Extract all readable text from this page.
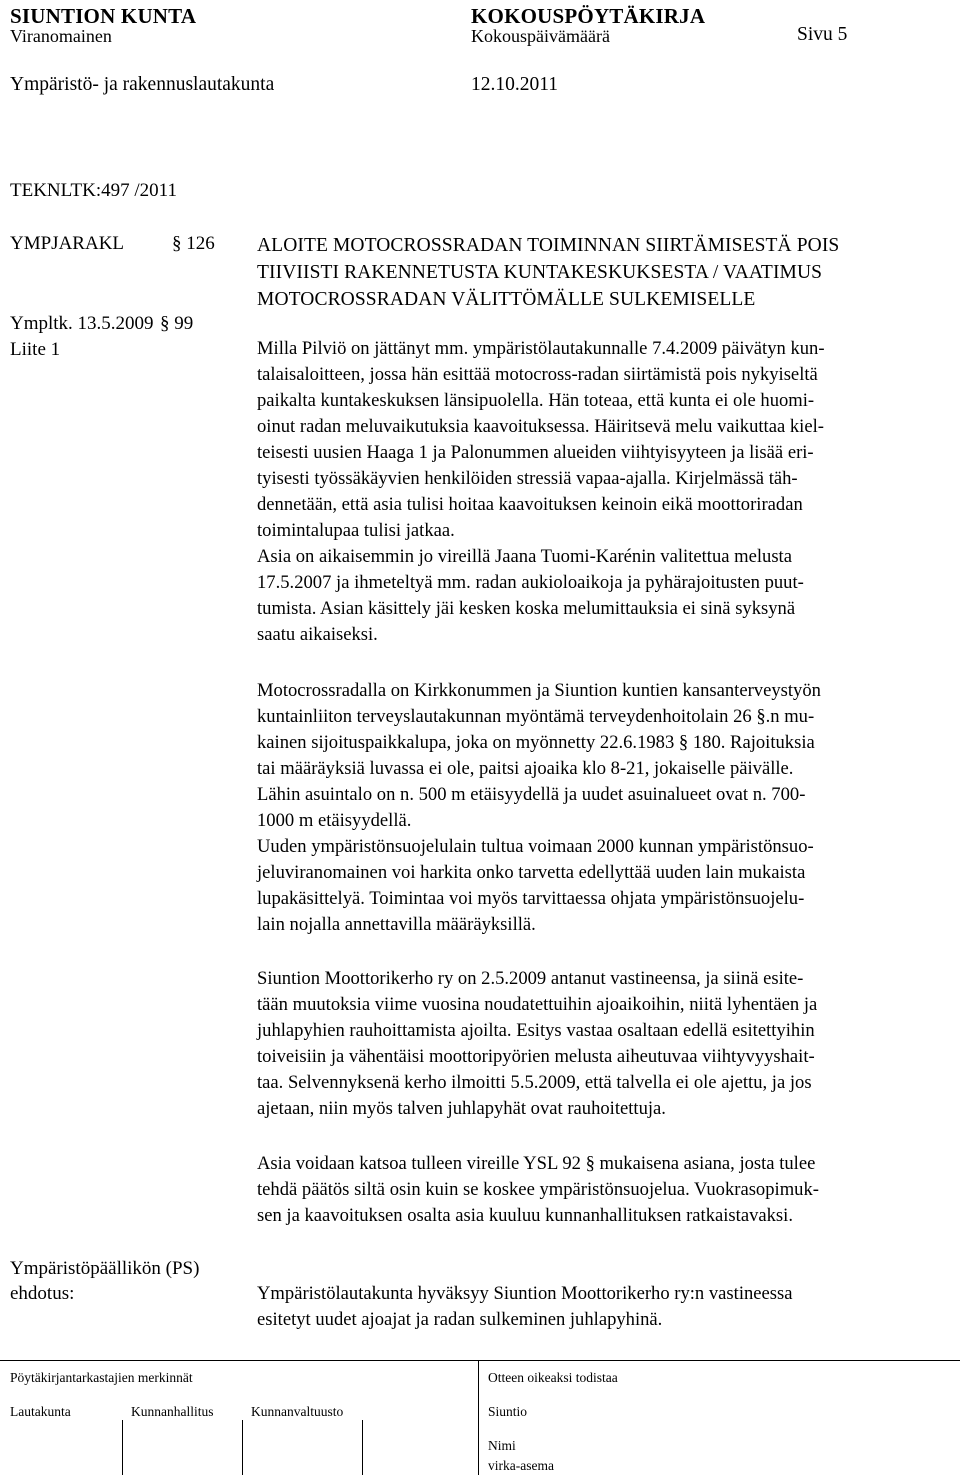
SIUNTION KUNTA	KOKOUSPÖYTÄKIRJA
Viranomainen	Kokouspäivämäärä	Sivu 5
Ympäristö- ja rakennuslautakunta	12.10.2011
TEKNLTK:497 /2011
YMPJARAKL	§ 126
Ympltk. 13.5.2009 § 99
Liite 1
ALOITE MOTOCROSSRADAN TOIMINNAN SIIRTÄMISESTÄ POIS
TIIVIISTI RAKENNETUSTA KUNTAKESKUKSESTA / VAATIMUS
MOTOCROSSRADAN VÄLITTÖMÄLLE SULKEMISELLE
Milla Pilviö on jättänyt mm. ympäristölautakunnalle 7.4.2009 päivätyn kun-
talaisaloitteen, jossa hän esittää motocross-radan siirtämistä pois nykyiseltä
paikalta kuntakeskuksen länsipuolella. Hän toteaa, että kunta ei ole huomi-
oinut radan meluvaikutuksia kaavoituksessa. Häiritsevä melu vaikuttaa kiel-
teisesti uusien Haaga 1 ja Palonummen alueiden viihtyisyyteen ja lisää eri-
tyisesti työssäkäyvien henkilöiden stressiä vapaa-ajalla. Kirjelmässä täh-
dennetään, että asia tulisi hoitaa kaavoituksen keinoin eikä moottoriradan
toimintalupaa tulisi jatkaa.
Asia on aikaisemmin jo vireillä Jaana Tuomi-Karénin valitettua melusta
17.5.2007 ja ihmeteltyä mm. radan aukioloaikoja ja pyhärajoitusten puut-
tumista. Asian käsittely jäi kesken koska melumittauksia ei sinä syksynä
saatu aikaiseksi.
Motocrossradalla on Kirkkonummen ja Siuntion kuntien kansanterveystyön
kuntainliiton terveyslautakunnan myöntämä terveydenhoitolain 26 §.n mu-
kainen sijoituspaikkalupa, joka on myönnetty 22.6.1983 § 180. Rajoituksia
tai määräyksiä luvassa ei ole, paitsi ajoaika klo 8-21, jokaiselle päivälle.
Lähin asuintalo on n. 500 m etäisyydellä ja uudet asuinalueet ovat n. 700-
1000 m etäisyydellä.
Uuden ympäristönsuojelulain tultua voimaan 2000 kunnan ympäristönsuo-
jeluviranomainen voi harkita onko tarvetta edellyttää uuden lain mukaista
lupakäsittelyä. Toimintaa voi myös tarvittaessa ohjata ympäristönsuojelu-
lain nojalla annettavilla määräyksillä.
Siuntion Moottorikerho ry on 2.5.2009 antanut vastineensa, ja siinä esite-
tään muutoksia viime vuosina noudatettuihin ajoaikoihin, niitä lyhentäen ja
juhlapyhien rauhoittamista ajoilta. Esitys vastaa osaltaan edellä esitettyihin
toiveisiin ja vähentäisi moottoripyörien melusta aiheutuvaa viihtyvyyshait-
taa. Selvennyksenä kerho ilmoitti 5.5.2009, että talvella ei ole ajettu, ja jos
ajetaan, niin myös talven juhlapyhät ovat rauhoitettuja.
Asia voidaan katsoa tulleen vireille YSL 92 § mukaisena asiana, josta tulee
tehdä päätös siltä osin kuin se koskee ympäristönsuojelua. Vuokrasopimuk-
sen ja kaavoituksen osalta asia kuuluu kunnanhallituksen ratkaistavaksi.
Ympäristöpäällikön (PS)
ehdotus:	Ympäristölautakunta hyväksyy Siuntion Moottorikerho ry:n vastineessa
esitetyt uudet ajoajat ja radan sulkeminen juhlapyhinä.
Pöytäkirjantarkastajien merkinnät	Otteen oikeaksi todistaa
Lautakunta	Kunnanhallitus	Kunnanvaltuusto	Siuntio
Nimi
virka-asema
